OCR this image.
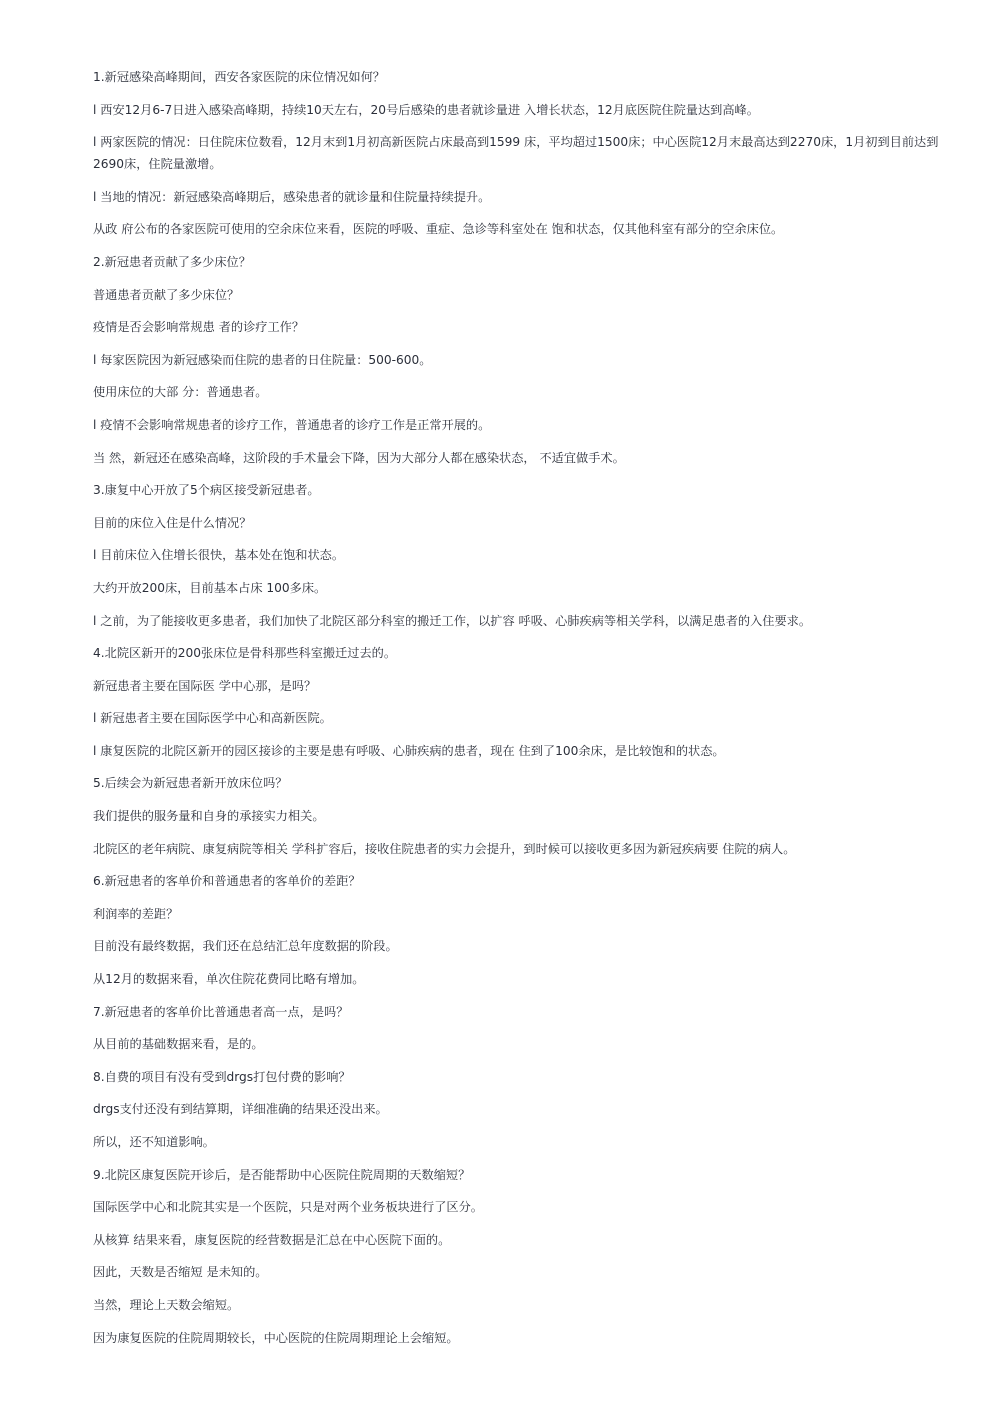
1.新冠感染高峰期间，西安各家医院的床位情况如何？

l 西安12月6-7日进入感染高峰期，持续10天左右，20号后感染的患者就诊量进 入增长状态，12月底医院住院量达到高峰。

l 两家医院的情况：日住院床位数看，12月末到1月初高新医院占床最高到1599 床，平均超过1500床；中心医院12月末最高达到2270床，1月初到目前达到 2690床，住院量激增。

l 当地的情况：新冠感染高峰期后，感染患者的就诊量和住院量持续提升。

从政 府公布的各家医院可使用的空余床位来看，医院的呼吸、重症、急诊等科室处在 饱和状态，仅其他科室有部分的空余床位。

2.新冠患者贡献了多少床位？

普通患者贡献了多少床位？

疫情是否会影响常规患 者的诊疗工作？

l 每家医院因为新冠感染而住院的患者的日住院量：500-600。

使用床位的大部 分：普通患者。

l 疫情不会影响常规患者的诊疗工作，普通患者的诊疗工作是正常开展的。

当 然，新冠还在感染高峰，这阶段的手术量会下降，因为大部分人都在感染状态， 不适宜做手术。

3.康复中心开放了5个病区接受新冠患者。

目前的床位入住是什么情况？

l 目前床位入住增长很快，基本处在饱和状态。

大约开放200床，目前基本占床 100多床。

l 之前，为了能接收更多患者，我们加快了北院区部分科室的搬迁工作，以扩容 呼吸、心肺疾病等相关学科，以满足患者的入住要求。

4.北院区新开的200张床位是骨科那些科室搬迁过去的。

新冠患者主要在国际医 学中心那，是吗？

l 新冠患者主要在国际医学中心和高新医院。

l 康复医院的北院区新开的园区接诊的主要是患有呼吸、心肺疾病的患者，现在 住到了100余床，是比较饱和的状态。

5.后续会为新冠患者新开放床位吗？

我们提供的服务量和自身的承接实力相关。

北院区的老年病院、康复病院等相关 学科扩容后，接收住院患者的实力会提升，到时候可以接收更多因为新冠疾病要 住院的病人。

6.新冠患者的客单价和普通患者的客单价的差距？

利润率的差距？

目前没有最终数据，我们还在总结汇总年度数据的阶段。

从12月的数据来看，单次住院花费同比略有增加。

7.新冠患者的客单价比普通患者高一点，是吗？

从目前的基础数据来看，是的。

8.自费的项目有没有受到drgs打包付费的影响？

drgs支付还没有到结算期，详细准确的结果还没出来。

所以，还不知道影响。

9.北院区康复医院开诊后，是否能帮助中心医院住院周期的天数缩短？

国际医学中心和北院其实是一个医院，只是对两个业务板块进行了区分。

从核算 结果来看，康复医院的经营数据是汇总在中心医院下面的。

因此，天数是否缩短 是未知的。

当然，理论上天数会缩短。

因为康复医院的住院周期较长，中心医院的住院周期理论上会缩短。
